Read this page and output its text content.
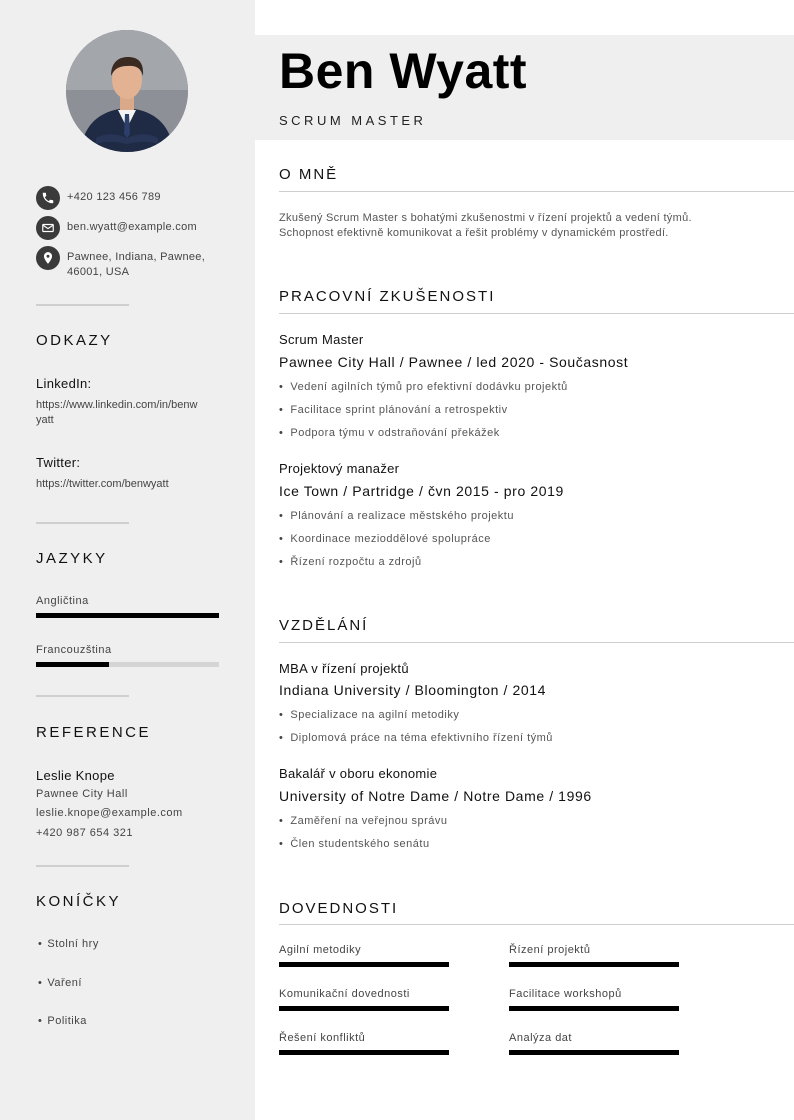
+420 123 456 789
ben.wyatt@example.com
Pawnee, Indiana, Pawnee,
46001, USA
ODKAZY
LinkedIn:
https://www.linkedin.com/in/benw
yatt
Twitter:
https://twitter.com/benwyatt
JAZYKY
Angličtina
Francouzština
REFERENCE
Leslie Knope
Pawnee City Hall
leslie.knope@example.com
+420 987 654 321
KONÍČKY
• Stolní hry
• Vaření
• Politika
Ben Wyatt
SCRUM MASTER
O MNĚ
Zkušený Scrum Master s bohatými zkušenostmi v řízení projektů a vedení týmů.
Schopnost efektivně komunikovat a řešit problémy v dynamickém prostředí.
PRACOVNÍ ZKUŠENOSTI
Scrum Master
Pawnee City Hall / Pawnee / led 2020 - Současnost
• Vedení agilních týmů pro efektivní dodávku projektů
• Facilitace sprint plánování a retrospektiv
• Podpora týmu v odstraňování překážek
Projektový manažer
Ice Town / Partridge / čvn 2015 - pro 2019
• Plánování a realizace městského projektu
• Koordinace mezioddělové spolupráce
• Řízení rozpočtu a zdrojů
VZDĚLÁNÍ
MBA v řízení projektů
Indiana University / Bloomington / 2014
• Specializace na agilní metodiky
• Diplomová práce na téma efektivního řízení týmů
Bakalář v oboru ekonomie
University of Notre Dame / Notre Dame / 1996
• Zaměření na veřejnou správu
• Člen studentského senátu
DOVEDNOSTI
Agilní metodiky	Řízení projektů
Komunikační dovednosti	Facilitace workshopů
Řešení konfliktů	Analýza dat
